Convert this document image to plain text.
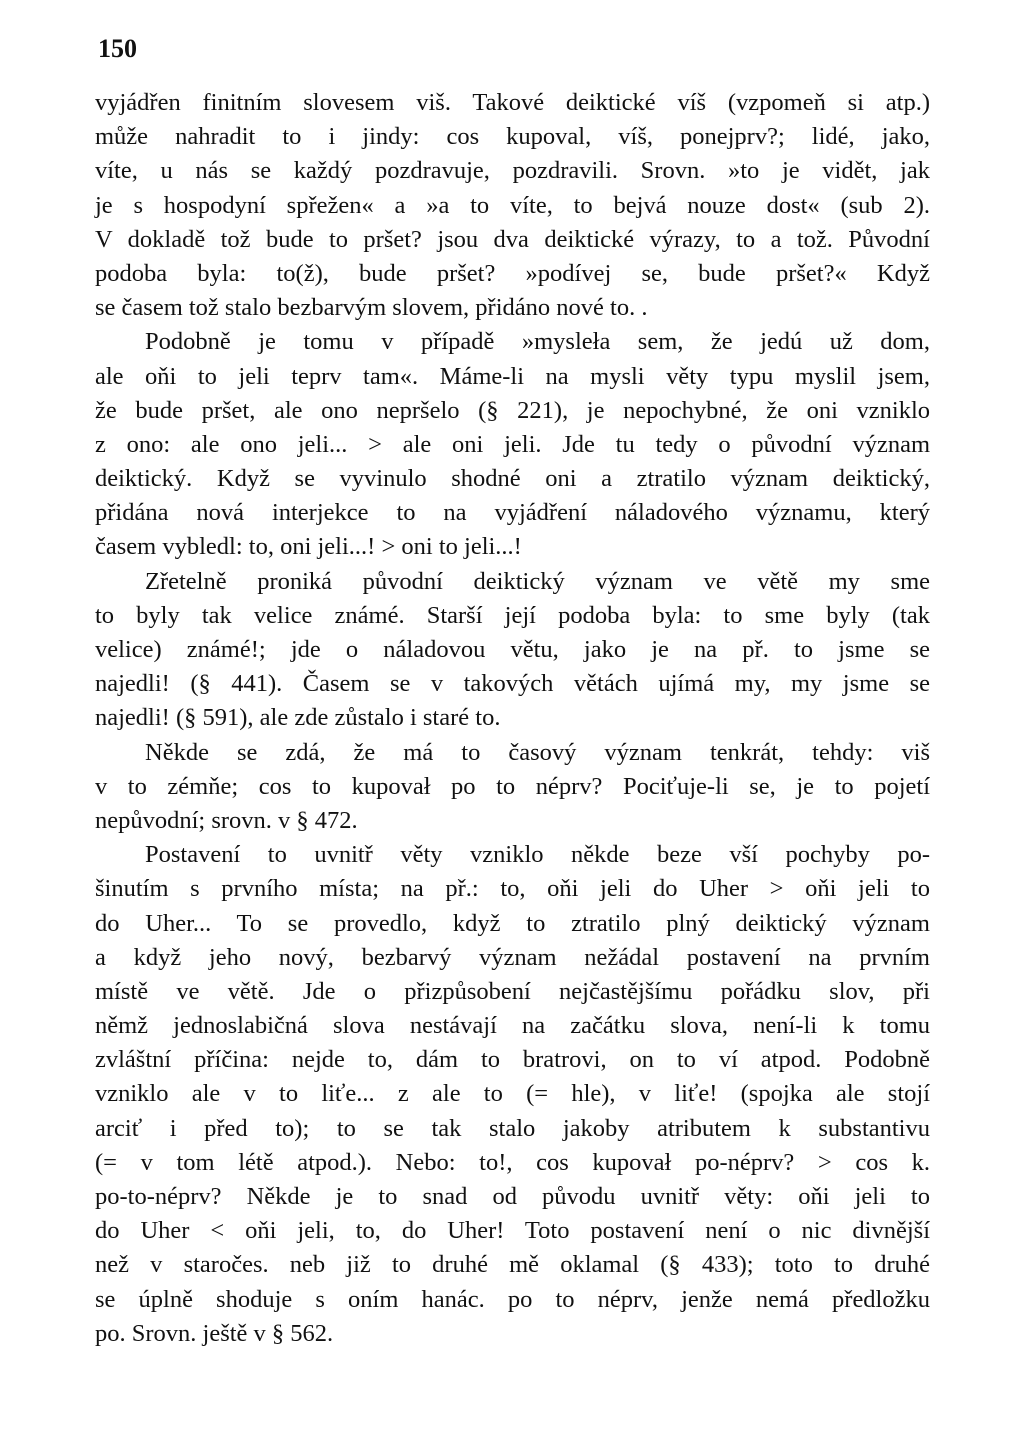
150
vyjádřen finitním slovesem viš. Takové deiktické víš (vzpomeň si atp.)
může nahradit to i jindy: cos kupoval, víš, ponejprv?; lidé, jako,
víte, u nás se každý pozdravuje, pozdravili. Srovn. »to je vidět, jak
je s hospodyní spřežen« a »a to víte, to bejvá nouze dost« (sub 2).
V dokladě tož bude to pršet? jsou dva deiktické výrazy, to a tož. Původní
podoba byla: to(ž), bude pršet? »podívej se, bude pršet?« Když
se časem tož stalo bezbarvým slovem, přidáno nové to. .
Podobně je tomu v případě »mysleła sem, že jedú už dom,
ale oňi to jeli teprv tam«. Máme-li na mysli věty typu myslil jsem,
že bude pršet, ale ono nepršelo (§ 221), je nepochybné, že oni vzniklo
z ono: ale ono jeli... > ale oni jeli. Jde tu tedy o původní význam
deiktický. Když se vyvinulo shodné oni a ztratilo význam deiktický,
přidána nová interjekce to na vyjádření náladového významu, který
časem vybledl: to, oni jeli...! > oni to jeli...!
Zřetelně proniká původní deiktický význam ve větě my sme
to byly tak velice známé. Starší její podoba byla: to sme byly (tak
velice) známé!; jde o náladovou větu, jako je na př. to jsme se
najedli! (§ 441). Časem se v takových větách ujímá my, my jsme se
najedli! (§ 591), ale zde zůstalo i staré to.
Někde se zdá, že má to časový význam tenkrát, tehdy: viš
v to zémňe; cos to kupovał po to néprv? Pociťuje-li se, je to pojetí
nepůvodní; srovn. v § 472.
Postavení to uvnitř věty vzniklo někde beze vší pochyby po-
šinutím s prvního místa; na př.: to, oňi jeli do Uher > oňi jeli to
do Uher... To se provedlo, když to ztratilo plný deiktický význam
a když jeho nový, bezbarvý význam nežádal postavení na prvním
místě ve větě. Jde o přizpůsobení nejčastějšímu pořádku slov, při
němž jednoslabičná slova nestávají na začátku slova, není-li k tomu
zvláštní příčina: nejde to, dám to bratrovi, on to ví atpod. Podobně
vzniklo ale v to liťe... z ale to (= hle), v liťe! (spojka ale stojí
arciť i před to); to se tak stalo jakoby atributem k substantivu
(= v tom létě atpod.). Nebo: to!, cos kupovał po-néprv? > cos k.
po-to-néprv? Někde je to snad od původu uvnitř věty: oňi jeli to
do Uher < oňi jeli, to, do Uher! Toto postavení není o nic divnější
než v staročes. neb již to druhé mě oklamal (§ 433); toto to druhé
se úplně shoduje s oním hanác. po to néprv, jenže nemá předložku
po. Srovn. ještě v § 562.
